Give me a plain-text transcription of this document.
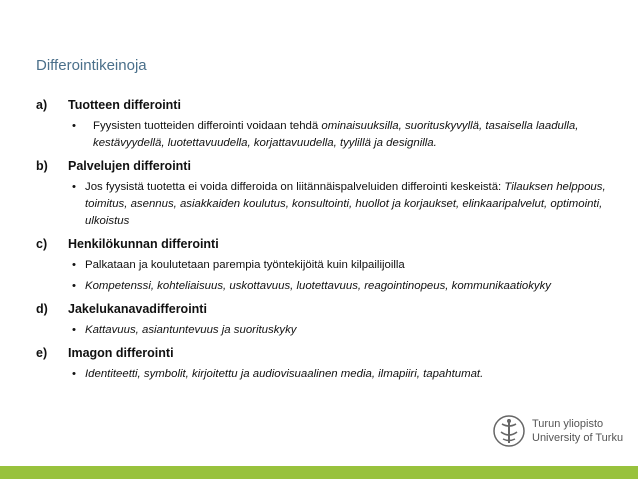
Differointikeinoja
a)	Tuotteen differointi
• Fyysisten tuotteiden differointi voidaan tehdä ominaisuuksilla, suorituskyvyllä, tasaisella laadulla, kestävyydellä, luotettavuudella, korjattavuudella, tyylillä ja designilla.
b)	Palvelujen differointi
• Jos fyysistä tuotetta ei voida differoida on liitännäispalveluiden differointi keskeistä: Tilauksen helppous, toimitus, asennus, asiakkaiden koulutus, konsultointi, huollot ja korjaukset, elinkaaripalvelut, optimointi, ulkoistus
c)	Henkilökunnan differointi
• Palkataan ja koulutetaan parempia työntekijöitä kuin kilpailijoilla
• Kompetenssi, kohteliaisuus, uskottavuus, luotettavuus, reagointinopeus, kommunikaatiokyky
d)	Jakelukanavadifferointi
• Kattavuus, asiantuntevuus ja suorituskyky
e)	Imagon differointi
• Identiteetti, symbolit, kirjoitettu ja audiovisuaalinen media, ilmapiiri, tapahtumat.
Turun yliopisto
University of Turku
